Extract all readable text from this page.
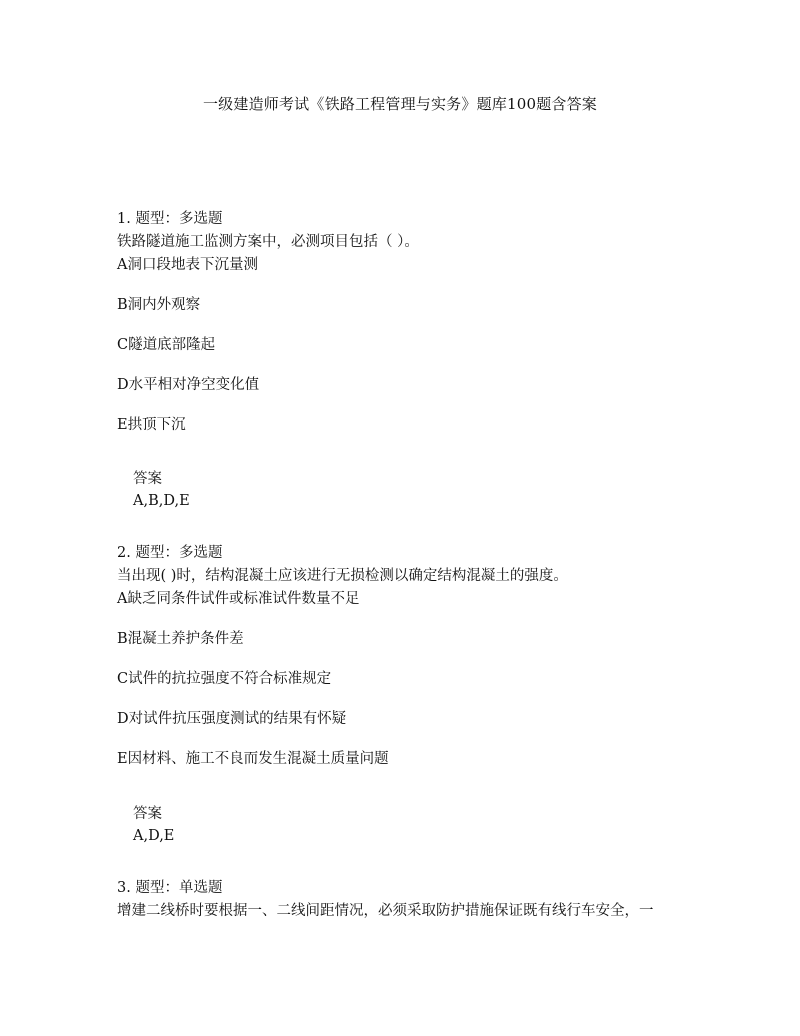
一级建造师考试《铁路工程管理与实务》题库100题含答案
1. 题型：多选题
铁路隧道施工监测方案中，必测项目包括（ ）。
A洞口段地表下沉量测
B洞内外观察
C隧道底部隆起
D水平相对净空变化值
E拱顶下沉
答案
A,B,D,E
2. 题型：多选题
当出现( )时，结构混凝土应该进行无损检测以确定结构混凝土的强度。
A缺乏同条件试件或标准试件数量不足
B混凝土养护条件差
C试件的抗拉强度不符合标准规定
D对试件抗压强度测试的结果有怀疑
E因材料、施工不良而发生混凝土质量问题
答案
A,D,E
3. 题型：单选题
增建二线桥时要根据一、二线间距情况，必须采取防护措施保证既有线行车安全，一
